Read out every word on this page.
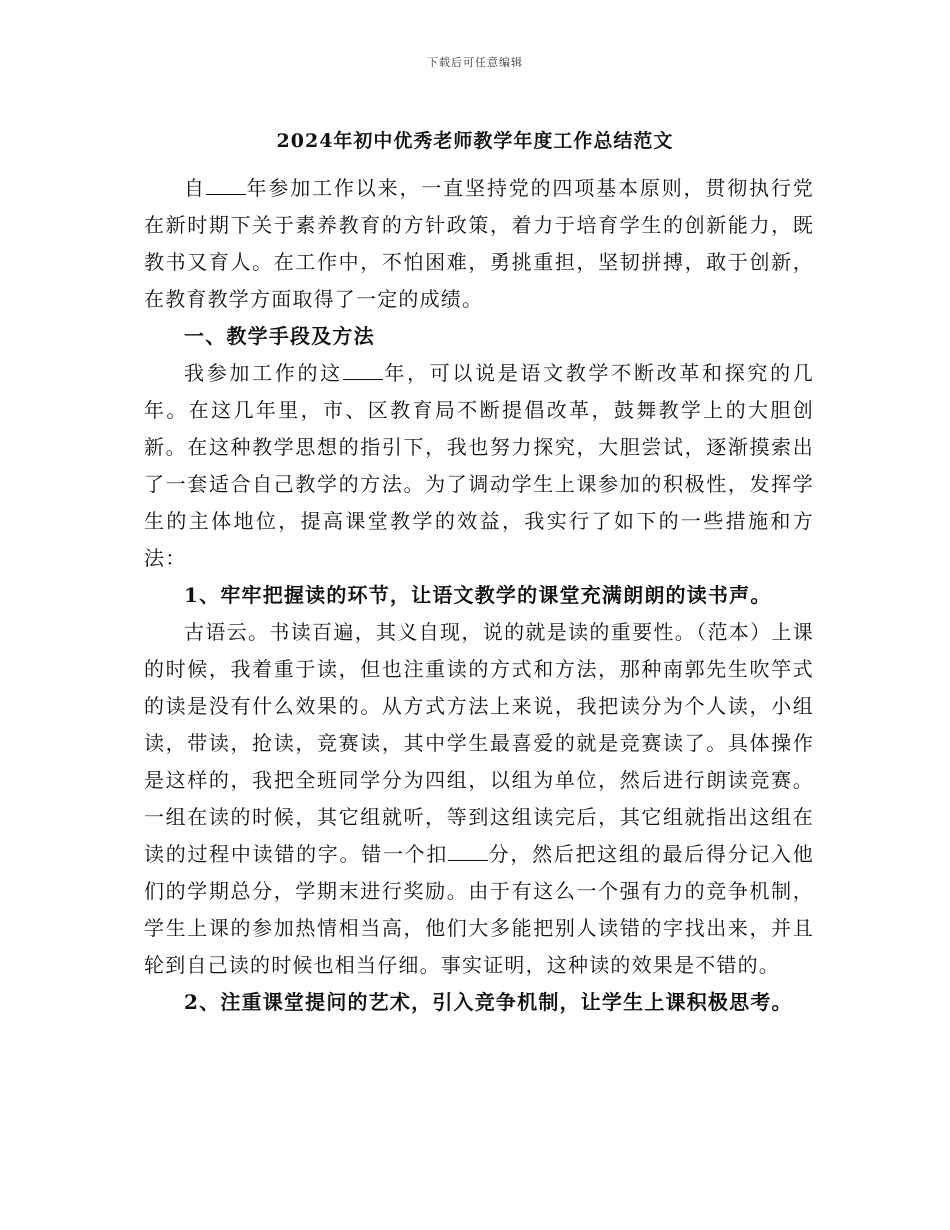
下载后可任意编辑
2024年初中优秀老师教学年度工作总结范文

自 年参加工作以来，一直坚持党的四项基本原则，贯彻执行党在新时期下关于素养教育的方针政策，着力于培育学生的创新能力，既教书又育人。在工作中，不怕困难，勇挑重担，坚韧拼搏，敢于创新，在教育教学方面取得了一定的成绩。

一、教学手段及方法

我参加工作的这 年，可以说是语文教学不断改革和探究的几年。在这几年里，市、区教育局不断提倡改革，鼓舞教学上的大胆创新。在这种教学思想的指引下，我也努力探究，大胆尝试，逐渐摸索出了一套适合自己教学的方法。为了调动学生上课参加的积极性，发挥学生的主体地位，提高课堂教学的效益，我实行了如下的一些措施和方法：

1、牢牢把握读的环节，让语文教学的课堂充满朗朗的读书声。

古语云。书读百遍，其义自现，说的就是读的重要性。（范本）上课的时候，我着重于读，但也注重读的方式和方法，那种南郭先生吹竽式的读是没有什么效果的。从方式方法上来说，我把读分为个人读，小组读，带读，抢读，竞赛读，其中学生最喜爱的就是竞赛读了。具体操作是这样的，我把全班同学分为四组，以组为单位，然后进行朗读竞赛。一组在读的时候，其它组就听，等到这组读完后，其它组就指出这组在读的过程中读错的字。错一个扣 分，然后把这组的最后得分记入他们的学期总分，学期末进行奖励。由于有这么一个强有力的竞争机制，学生上课的参加热情相当高，他们大多能把别人读错的字找出来，并且轮到自己读的时候也相当仔细。事实证明，这种读的效果是不错的。

2、注重课堂提问的艺术，引入竞争机制，让学生上课积极思考。
